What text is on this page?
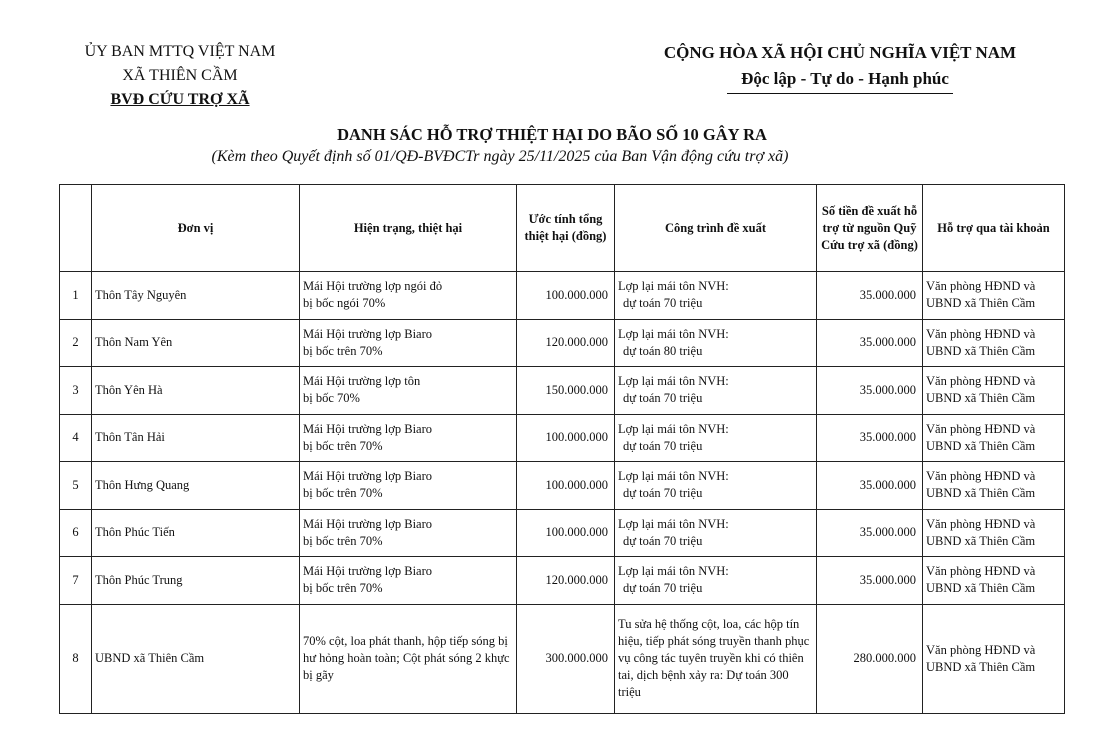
ỦY BAN MTTQ VIỆT NAM
XÃ THIÊN CẦM
BVĐ CỨU TRỢ XÃ
CỘNG HÒA XÃ HỘI CHỦ NGHĨA VIỆT NAM
Độc lập - Tự do - Hạnh phúc
DANH SÁC HỖ TRỢ THIỆT HẠI DO BÃO SỐ 10 GÂY RA
(Kèm theo Quyết định số 01/QĐ-BVĐCTr ngày 25/11/2025 của Ban Vận động cứu trợ xã)
	Đơn vị	Hiện trạng, thiệt hại	Ước tính tổng thiệt hại (đồng)	Công trình đề xuất	Số tiền đề xuất hỗ trợ từ nguồn Quỹ Cứu trợ xã (đồng)	Hỗ trợ qua tài khoản
1	Thôn Tây Nguyên	Mái Hội trường lợp ngói đỏ
bị bốc ngói 70%	100.000.000	Lợp lại mái tôn NVH:
dự toán 70 triệu	35.000.000	Văn phòng HĐND và
UBND xã Thiên Cầm

2	Thôn Nam Yên	Mái Hội trường lợp Biaro
bị bốc trên 70%	120.000.000	Lợp lại mái tôn NVH:
dự toán 80 triệu	35.000.000	Văn phòng HĐND và
UBND xã Thiên Cầm

3	Thôn Yên Hà	Mái Hội trường lợp tôn
bị bốc 70%	150.000.000	Lợp lại mái tôn NVH:
dự toán 70 triệu	35.000.000	Văn phòng HĐND và
UBND xã Thiên Cầm

4	Thôn Tân Hải	Mái Hội trường lợp Biaro
bị bốc trên 70%	100.000.000	Lợp lại mái tôn NVH:
dự toán 70 triệu	35.000.000	Văn phòng HĐND và
UBND xã Thiên Cầm

5	Thôn Hưng Quang	Mái Hội trường lợp Biaro
bị bốc trên 70%	100.000.000	Lợp lại mái tôn NVH:
dự toán 70 triệu	35.000.000	Văn phòng HĐND và
UBND xã Thiên Cầm

6	Thôn Phúc Tiến	Mái Hội trường lợp Biaro
bị bốc trên 70%	100.000.000	Lợp lại mái tôn NVH:
dự toán 70 triệu	35.000.000	Văn phòng HĐND và
UBND xã Thiên Cầm

7	Thôn Phúc Trung	Mái Hội trường lợp Biaro
bị bốc trên 70%	120.000.000	Lợp lại mái tôn NVH:
dự toán 70 triệu	35.000.000	Văn phòng HĐND và
UBND xã Thiên Cầm

8	UBND xã Thiên Cầm	70% cột, loa phát thanh, hộp tiếp sóng bị hư hỏng hoàn toàn; Cột phát sóng 2 khực bị gãy	300.000.000	Tu sửa hệ thống cột, loa, các hộp tín hiệu, tiếp phát sóng truyền thanh phục vụ công tác tuyên truyền khi có thiên tai, dịch bệnh xảy ra: Dự toán 300 triệu	280.000.000	Văn phòng HĐND và
UBND xã Thiên Cầm
